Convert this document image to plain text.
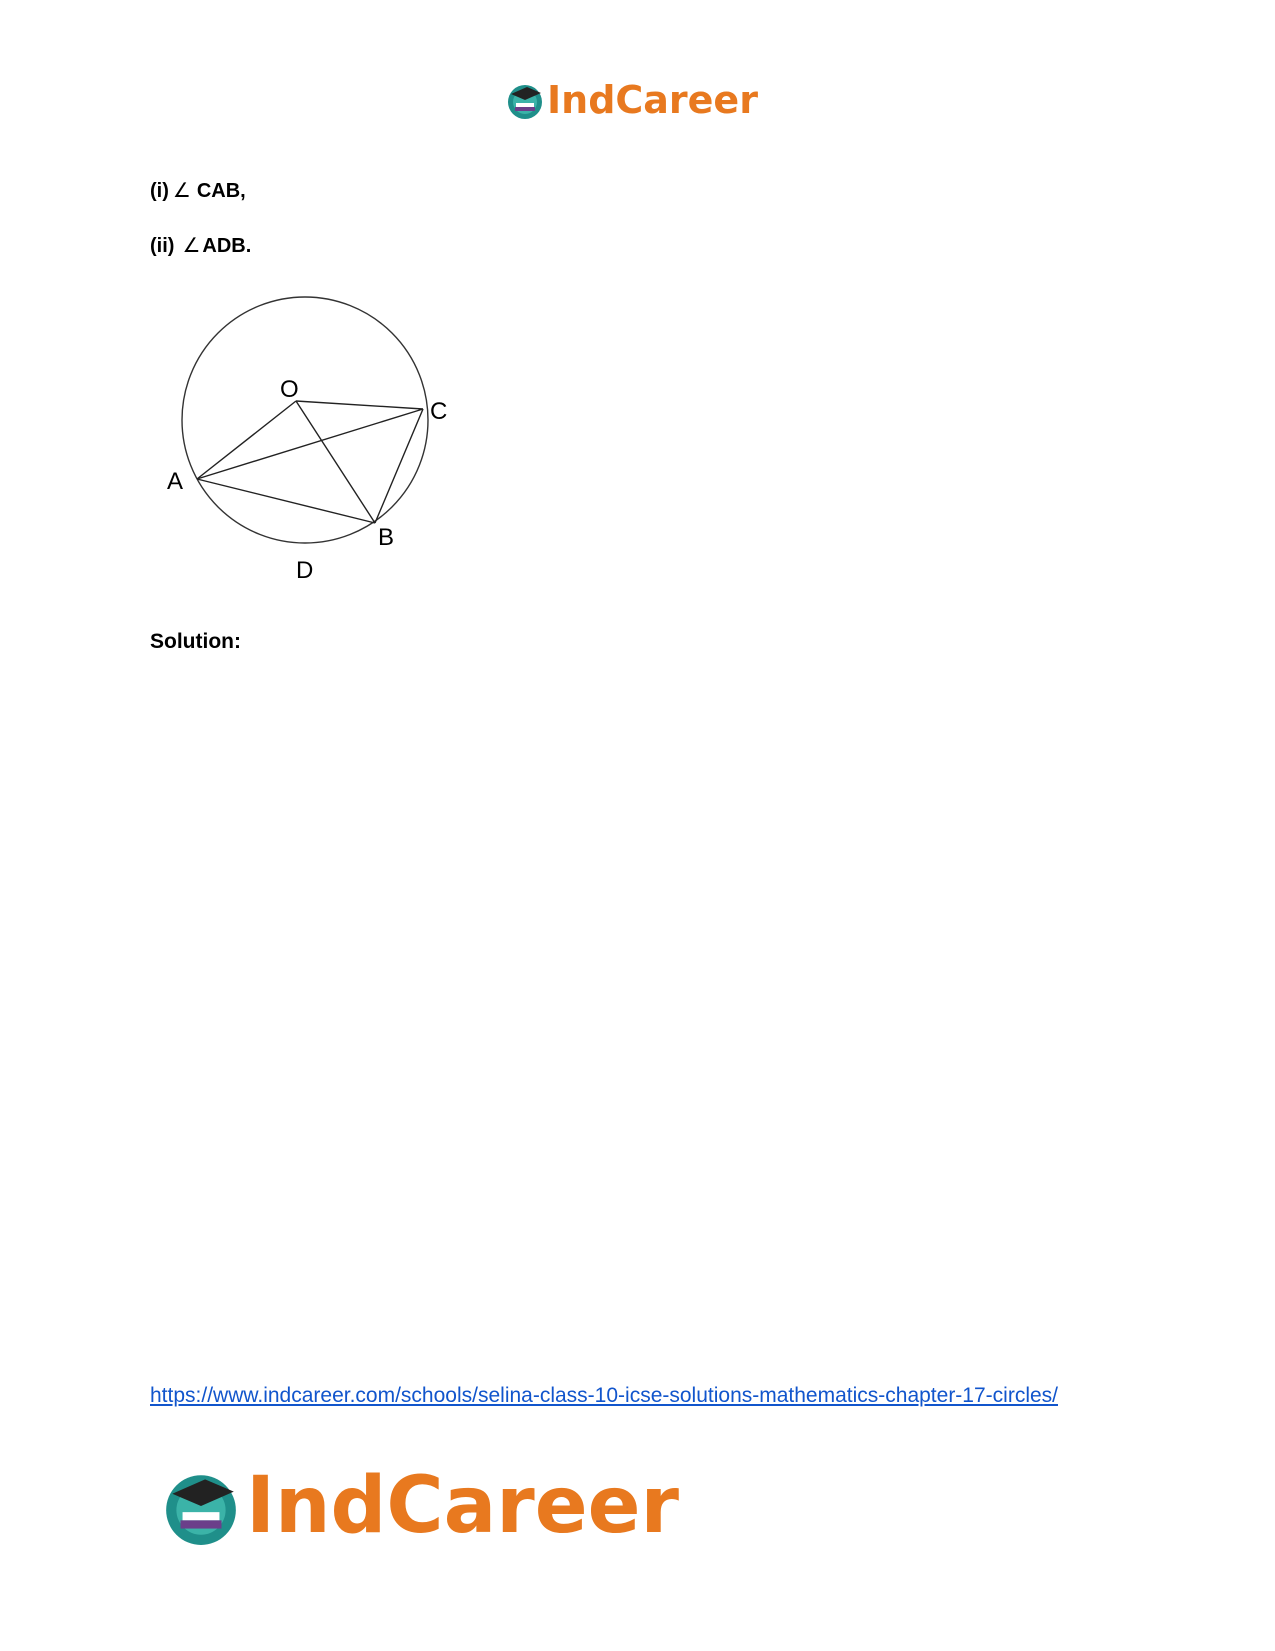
IndCareer

(i) ∠ CAB,

(ii) ∠ ADB.

O
C
A
B
D

Solution:

https://www.indcareer.com/schools/selina-class-10-icse-solutions-mathematics-chapter-17-circles/
IndCareer
